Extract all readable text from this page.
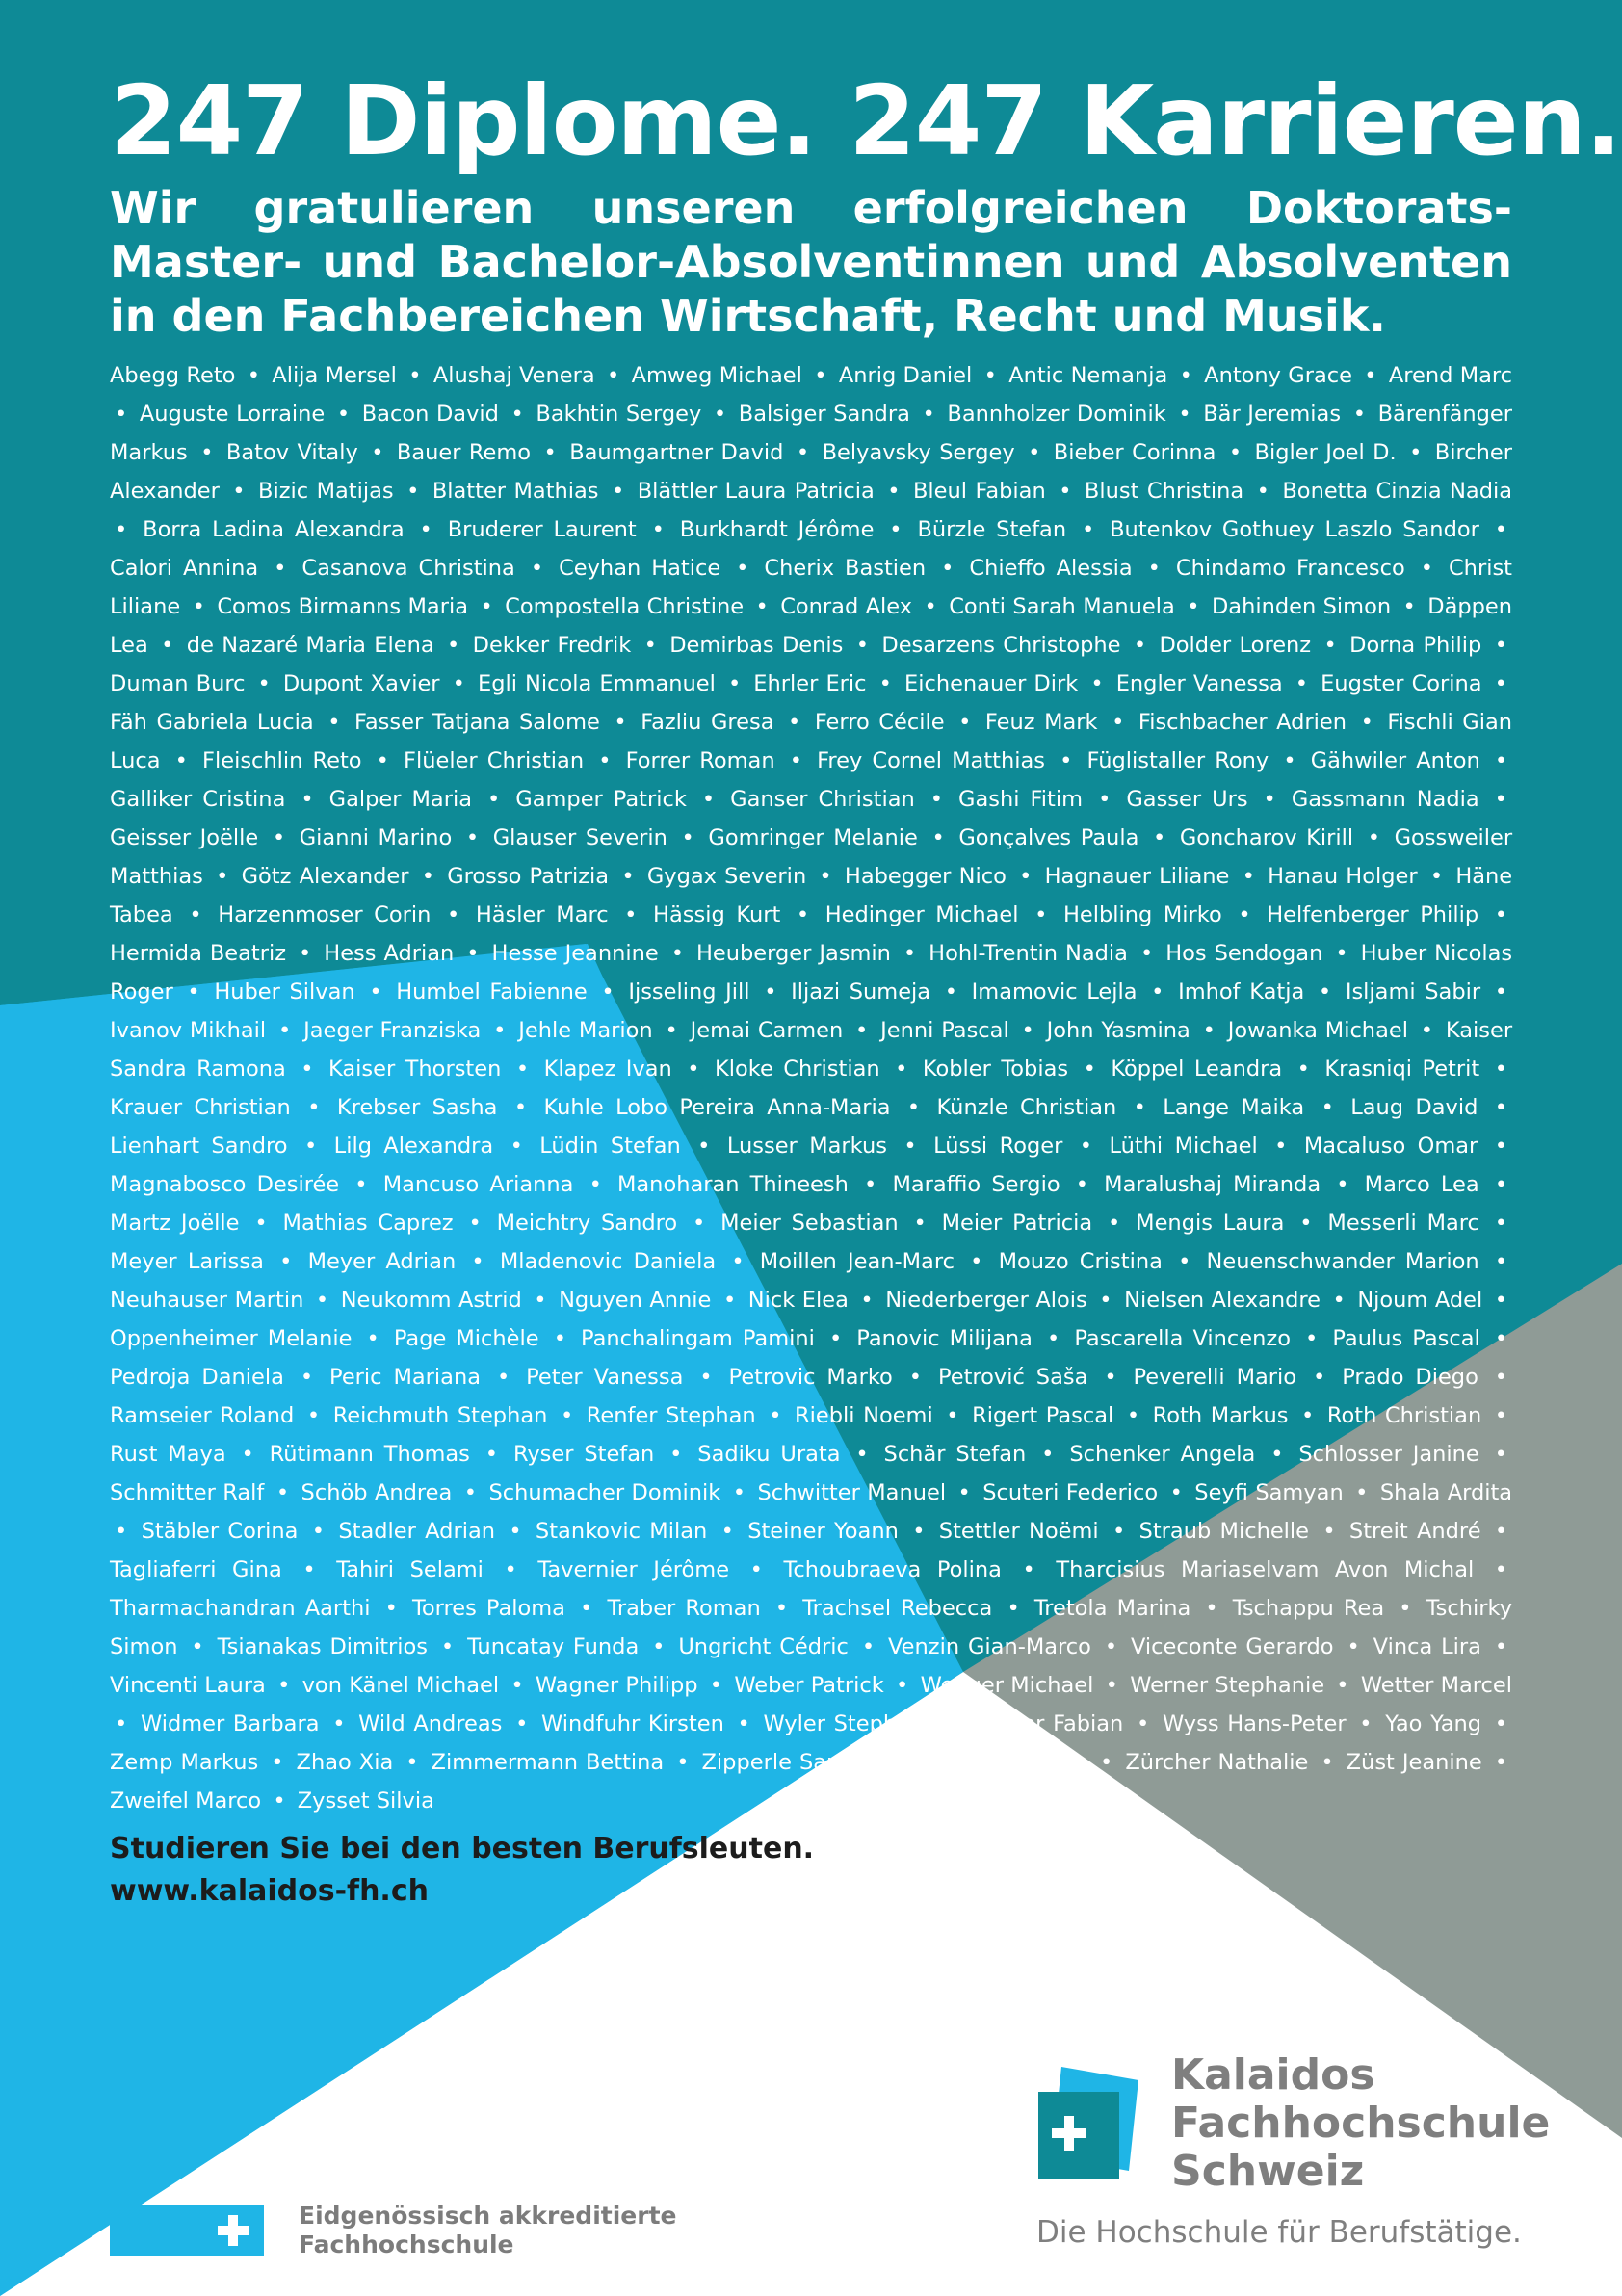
247 Diplome. 247 Karrieren.

Wir gratulieren unseren erfolgreichen Doktorats- Master- und Bachelor-Absolventinnen und Absolventen in den Fachbereichen Wirtschaft, Recht und Musik.

Abegg Reto • Alija Mersel • Alushaj Venera • Amweg Michael • Anrig Daniel • Antic Nemanja • Antony Grace • Arend Marc • Auguste Lorraine • Bacon David • Bakhtin Sergey • Balsiger Sandra • Bannholzer Dominik • Bär Jeremias • Bärenfänger Markus • Batov Vitaly • Bauer Remo • Baumgartner David • Belyavsky Sergey • Bieber Corinna • Bigler Joel D. • Bircher Alexander • Bizic Matijas • Blatter Mathias • Blättler Laura Patricia • Bleul Fabian • Blust Christina • Bonetta Cinzia Nadia • Borra Ladina Alexandra • Bruderer Laurent • Burkhardt Jérôme • Bürzle Stefan • Butenkov Gothuey Laszlo Sandor • Calori Annina • Casanova Christina • Ceyhan Hatice • Cherix Bastien • Chieffo Alessia • Chindamo Francesco • Christ Liliane • Comos Birmanns Maria • Compostella Christine • Conrad Alex • Conti Sarah Manuela • Dahinden Simon • Däppen Lea • de Nazaré Maria Elena • Dekker Fredrik • Demirbas Denis • Desarzens Christophe • Dolder Lorenz • Dorna Philip • Duman Burc • Dupont Xavier • Egli Nicola Emmanuel • Ehrler Eric • Eichenauer Dirk • Engler Vanessa • Eugster Corina • Fäh Gabriela Lucia • Fasser Tatjana Salome • Fazliu Gresa • Ferro Cécile • Feuz Mark • Fischbacher Adrien • Fischli Gian Luca • Fleischlin Reto • Flüeler Christian • Forrer Roman • Frey Cornel Matthias • Füglistaller Rony • Gähwiler Anton • Galliker Cristina • Galper Maria • Gamper Patrick • Ganser Christian • Gashi Fitim • Gasser Urs • Gassmann Nadia • Geisser Joëlle • Gianni Marino • Glauser Severin • Gomringer Melanie • Gonçalves Paula • Goncharov Kirill • Gossweiler Matthias • Götz Alexander • Grosso Patrizia • Gygax Severin • Habegger Nico • Hagnauer Liliane • Hanau Holger • Häne Tabea • Harzenmoser Corin • Häsler Marc • Hässig Kurt • Hedinger Michael • Helbling Mirko • Helfenberger Philip • Hermida Beatriz • Hess Adrian • Hesse Jeannine • Heuberger Jasmin • Hohl-Trentin Nadia • Hos Sendogan • Huber Nicolas Roger • Huber Silvan • Humbel Fabienne • Ijsseling Jill • Iljazi Sumeja • Imamovic Lejla • Imhof Katja • Isljami Sabir • Ivanov Mikhail • Jaeger Franziska • Jehle Marion • Jemai Carmen • Jenni Pascal • John Yasmina • Jowanka Michael • Kaiser Sandra Ramona • Kaiser Thorsten • Klapez Ivan • Kloke Christian • Kobler Tobias • Köppel Leandra • Krasniqi Petrit • Krauer Christian • Krebser Sasha • Kuhle Lobo Pereira Anna-Maria • Künzle Christian • Lange Maika • Laug David • Lienhart Sandro • Lilg Alexandra • Lüdin Stefan • Lusser Markus • Lüssi Roger • Lüthi Michael • Macaluso Omar • Magnabosco Desirée • Mancuso Arianna • Manoharan Thineesh • Maraffio Sergio • Maralushaj Miranda • Marco Lea • Martz Joëlle • Mathias Caprez • Meichtry Sandro • Meier Sebastian • Meier Patricia • Mengis Laura • Messerli Marc • Meyer Larissa • Meyer Adrian • Mladenovic Daniela • Moillen Jean-Marc • Mouzo Cristina • Neuenschwander Marion • Neuhauser Martin • Neukomm Astrid • Nguyen Annie • Nick Elea • Niederberger Alois • Nielsen Alexandre • Njoum Adel • Oppenheimer Melanie • Page Michèle • Panchalingam Pamini • Panovic Milijana • Pascarella Vincenzo • Paulus Pascal • Pedroja Daniela • Peric Mariana • Peter Vanessa • Petrovic Marko • Petrović Saša • Peverelli Mario • Prado Diego • Ramseier Roland • Reichmuth Stephan • Renfer Stephan • Riebli Noemi • Rigert Pascal • Roth Markus • Roth Christian • Rust Maya • Rütimann Thomas • Ryser Stefan • Sadiku Urata • Schär Stefan • Schenker Angela • Schlosser Janine • Schmitter Ralf • Schöb Andrea • Schumacher Dominik • Schwitter Manuel • Scuteri Federico • Seyfi Samyan • Shala Ardita • Stäbler Corina • Stadler Adrian • Stankovic Milan • Steiner Yoann • Stettler Noëmi • Straub Michelle • Streit André • Tagliaferri Gina • Tahiri Selami • Tavernier Jérôme • Tchoubraeva Polina • Tharcisius Mariaselvam Avon Michal • Tharmachandran Aarthi • Torres Paloma • Traber Roman • Trachsel Rebecca • Tretola Marina • Tschappu Rea • Tschirky Simon • Tsianakas Dimitrios • Tuncatay Funda • Ungricht Cédric • Venzin Gian-Marco • Viceconte Gerardo • Vinca Lira • Vincenti Laura • von Känel Michael • Wagner Philipp • Weber Patrick • Wenger Michael • Werner Stephanie • Wetter Marcel • Widmer Barbara • Wild Andreas • Windfuhr Kirsten • Wyler Stephanie • Wyler Fabian • Wyss Hans-Peter • Yao Yang • Zemp Markus • Zhao Xia • Zimmermann Bettina • Zipperle Sarah • Zuberbühler Julia • Zürcher Nathalie • Züst Jeanine • Zweifel Marco • Zysset Silvia

Studieren Sie bei den besten Berufsleuten.
www.kalaidos-fh.ch
Eidgenössisch akkreditierte
Fachhochschule
Kalaidos
Fachhochschule
Schweiz
Die Hochschule für Berufstätige.
